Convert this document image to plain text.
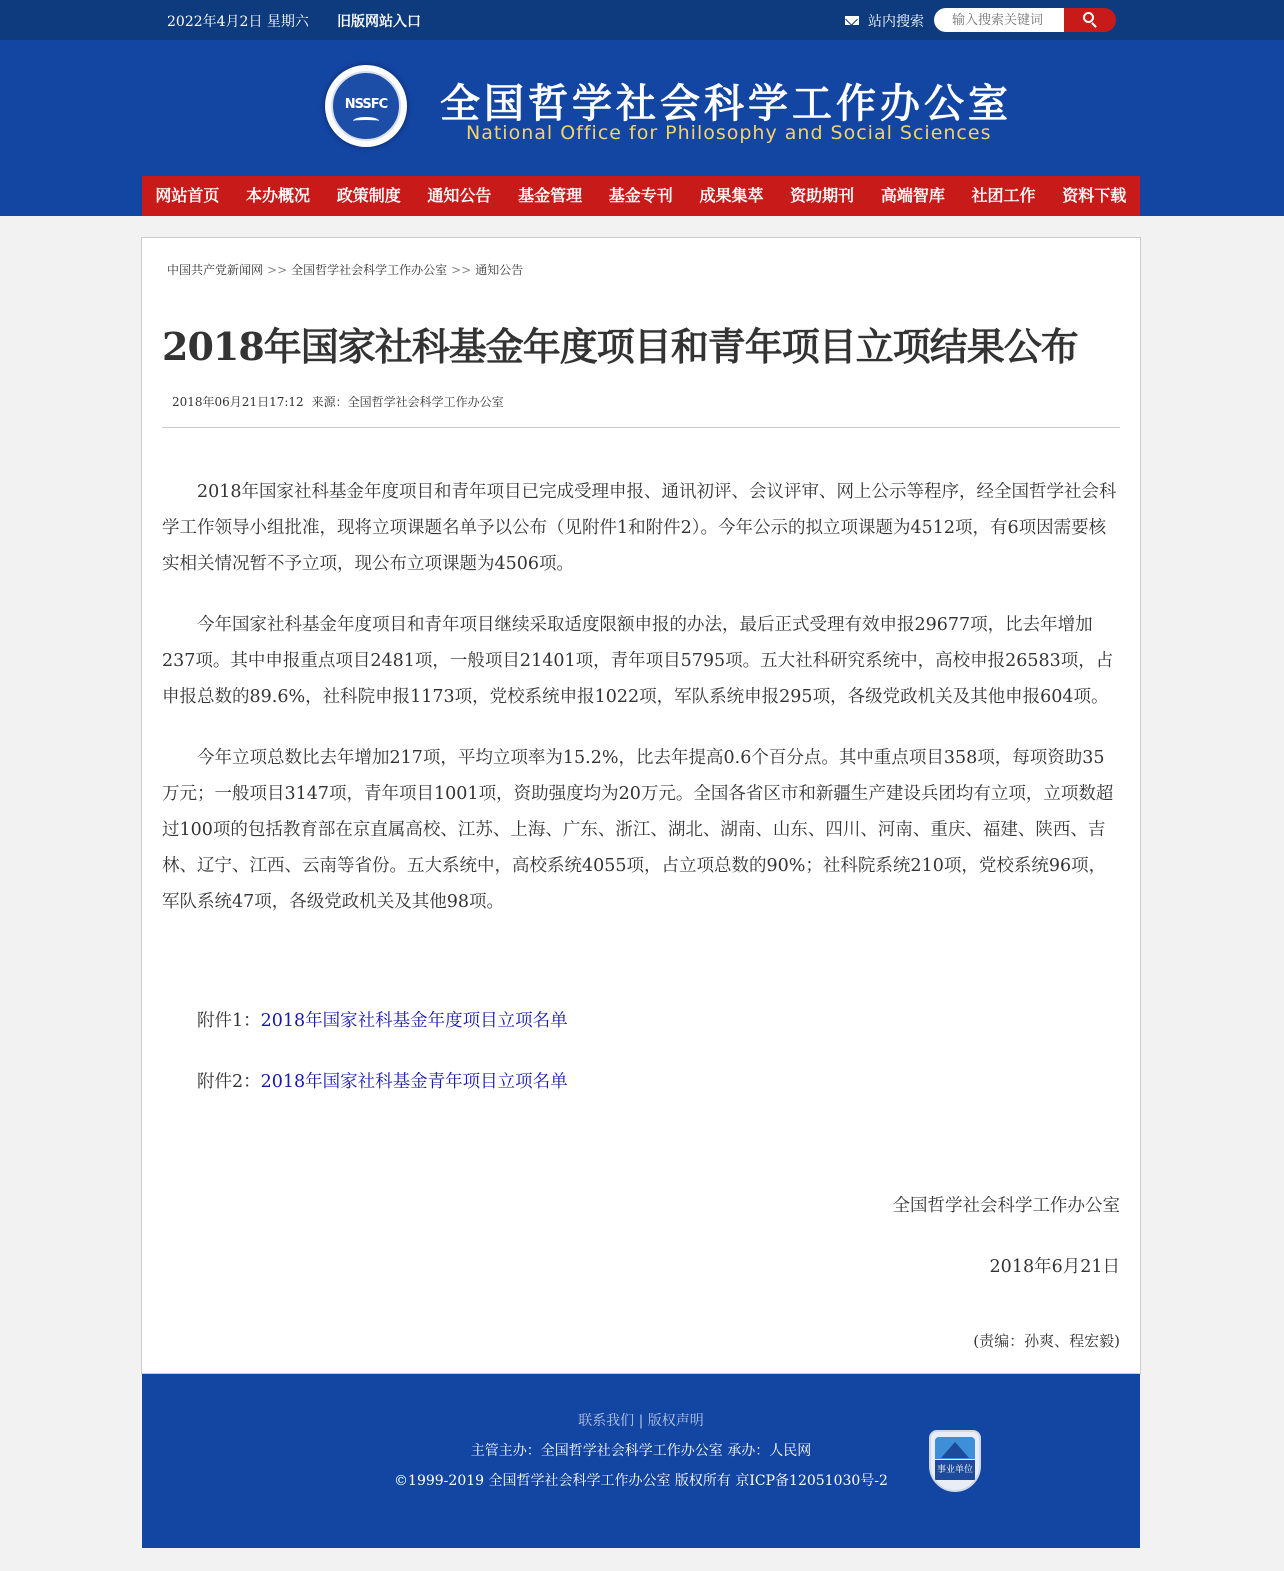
2022年4月2日 星期六 旧版网站入口	站内搜索
输入搜索关键词
NSSFC 全国哲学社会科学工作办公室
National Office for Philosophy and Social Sciences
网站首页	本办概况	政策制度	通知公告	基金管理	基金专刊	成果集萃	资助期刊	高端智库	社团工作	资料下载
中国共产党新闻网 >> 全国哲学社会科学工作办公室 >> 通知公告
2018年国家社科基金年度项目和青年项目立项结果公布
2018年06月21日17:12 来源：全国哲学社会科学工作办公室

2018年国家社科基金年度项目和青年项目已完成受理申报、通讯初评、会议评审、网上公示等程序，经全国哲学社会科学工作领导小组批准，现将立项课题名单予以公布（见附件1和附件2）。今年公示的拟立项课题为4512项，有6项因需要核实相关情况暂不予立项，现公布立项课题为4506项。

今年国家社科基金年度项目和青年项目继续采取适度限额申报的办法，最后正式受理有效申报29677项，比去年增加237项。其中申报重点项目2481项，一般项目21401项，青年项目5795项。五大社科研究系统中，高校申报26583项，占申报总数的89.6%，社科院申报1173项，党校系统申报1022项，军队系统申报295项，各级党政机关及其他申报604项。

今年立项总数比去年增加217项，平均立项率为15.2%，比去年提高0.6个百分点。其中重点项目358项，每项资助35万元；一般项目3147项，青年项目1001项，资助强度均为20万元。全国各省区市和新疆生产建设兵团均有立项，立项数超过100项的包括教育部在京直属高校、江苏、上海、广东、浙江、湖北、湖南、山东、四川、河南、重庆、福建、陕西、吉林、辽宁、江西、云南等省份。五大系统中，高校系统4055项，占立项总数的90%；社科院系统210项，党校系统96项，军队系统47项，各级党政机关及其他98项。

附件1：2018年国家社科基金年度项目立项名单
附件2：2018年国家社科基金青年项目立项名单
全国哲学社会科学工作办公室
2018年6月21日
(责编：孙爽、程宏毅)
联系我们 | 版权声明
主管主办：全国哲学社会科学工作办公室 承办：人民网
©1999-2019 全国哲学社会科学工作办公室 版权所有 京ICP备12051030号-2
事业单位
